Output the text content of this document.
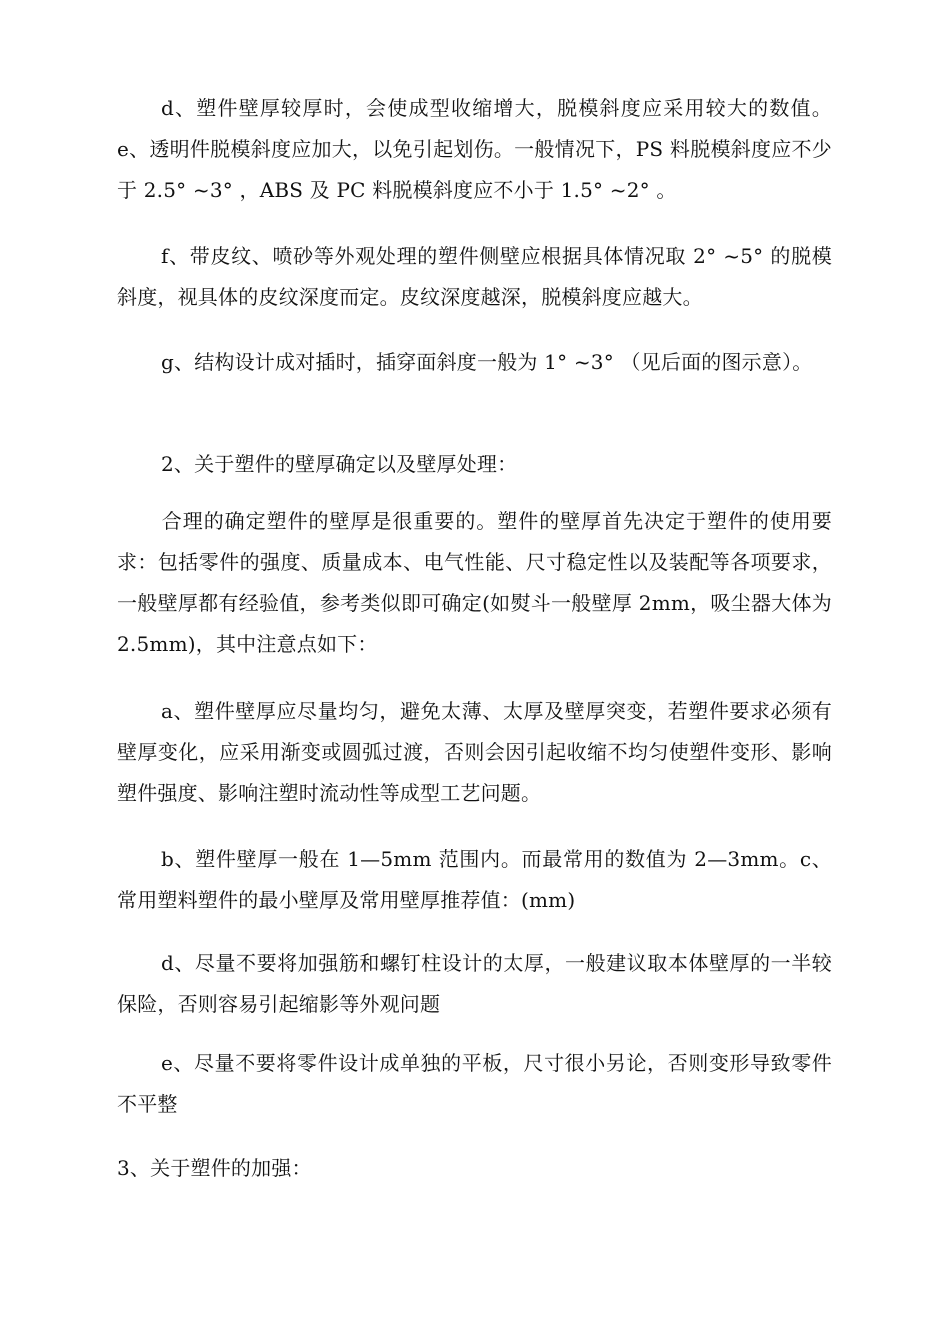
d、塑件壁厚较厚时，会使成型收缩增大，脱模斜度应采用较大的数值。e、透明件脱模斜度应加大，以免引起划伤。一般情况下，PS 料脱模斜度应不少于 2.5° ~3° ，ABS 及 PC 料脱模斜度应不小于 1.5° ~2° 。

f、带皮纹、喷砂等外观处理的塑件侧壁应根据具体情况取 2° ~5° 的脱模斜度，视具体的皮纹深度而定。皮纹深度越深，脱模斜度应越大。

g、结构设计成对插时，插穿面斜度一般为 1° ~3° （见后面的图示意）。

2、关于塑件的壁厚确定以及壁厚处理：

合理的确定塑件的壁厚是很重要的。塑件的壁厚首先决定于塑件的使用要求：包括零件的强度、质量成本、电气性能、尺寸稳定性以及装配等各项要求，一般壁厚都有经验值，参考类似即可确定(如熨斗一般壁厚 2mm，吸尘器大体为 2.5mm)，其中注意点如下：

a、塑件壁厚应尽量均匀，避免太薄、太厚及壁厚突变，若塑件要求必须有壁厚变化，应采用渐变或圆弧过渡，否则会因引起收缩不均匀使塑件变形、影响塑件强度、影响注塑时流动性等成型工艺问题。

b、塑件壁厚一般在 1—5mm 范围内。而最常用的数值为 2—3mm。c、常用塑料塑件的最小壁厚及常用壁厚推荐值：(mm)

d、尽量不要将加强筋和螺钉柱设计的太厚，一般建议取本体壁厚的一半较保险，否则容易引起缩影等外观问题

e、尽量不要将零件设计成单独的平板，尺寸很小另论，否则变形导致零件不平整

3、关于塑件的加强：
